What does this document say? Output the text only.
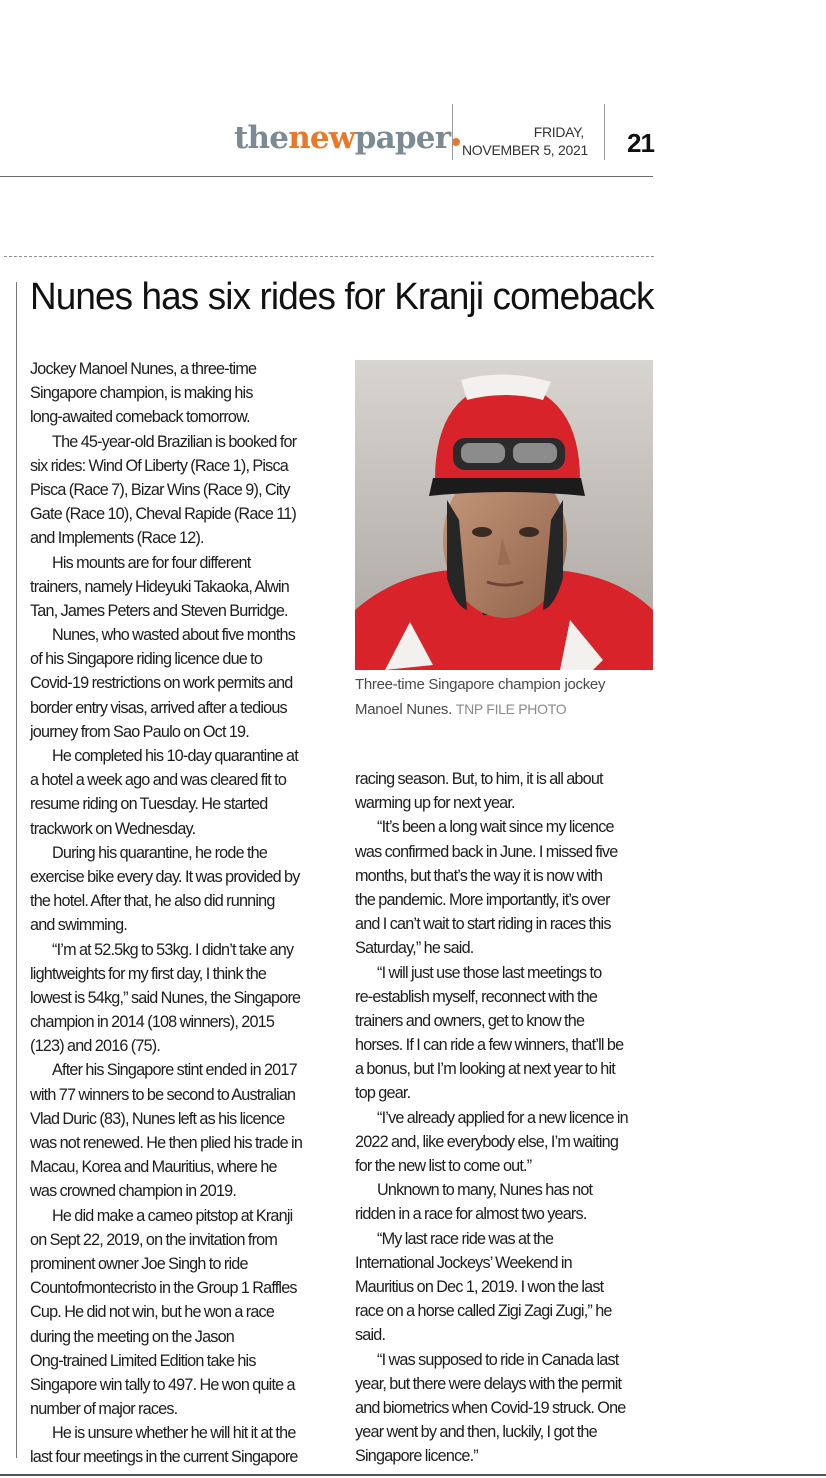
thenewpaper	FRIDAY,
NOVEMBER 5, 2021 21
Nunes has six rides for Kranji comeback
Jockey Manoel Nunes, a three-time
Singapore champion, is making his
long-awaited comeback tomorrow.
The 45-year-old Brazilian is booked for
six rides: Wind Of Liberty (Race 1), Pisca
Pisca (Race 7), Bizar Wins (Race 9), City
Gate (Race 10), Cheval Rapide (Race 11)
and Implements (Race 12).
His mounts are for four different
trainers, namely Hideyuki Takaoka, Alwin
Tan, James Peters and Steven Burridge.
Nunes, who wasted about five months
of his Singapore riding licence due to
Covid-19 restrictions on work permits and
border entry visas, arrived after a tedious
journey from Sao Paulo on Oct 19.
He completed his 10-day quarantine at
a hotel a week ago and was cleared fit to
resume riding on Tuesday. He started
trackwork on Wednesday.
During his quarantine, he rode the
exercise bike every day. It was provided by
the hotel. After that, he also did running
and swimming.
“I’m at 52.5kg to 53kg. I didn’t take any
lightweights for my first day, I think the
lowest is 54kg,” said Nunes, the Singapore
champion in 2014 (108 winners), 2015
(123) and 2016 (75).
After his Singapore stint ended in 2017
with 77 winners to be second to Australian
Vlad Duric (83), Nunes left as his licence
was not renewed. He then plied his trade in
Macau, Korea and Mauritius, where he
was crowned champion in 2019.
He did make a cameo pitstop at Kranji
on Sept 22, 2019, on the invitation from
prominent owner Joe Singh to ride
Countofmontecristo in the Group 1 Raffles
Cup. He did not win, but he won a race
during the meeting on the Jason
Ong-trained Limited Edition take his
Singapore win tally to 497. He won quite a
number of major races.
He is unsure whether he will hit it at the
last four meetings in the current Singapore
Three-time Singapore champion jockey Manoel Nunes. TNP FILE PHOTO
racing season. But, to him, it is all about
warming up for next year.
“It’s been a long wait since my licence
was confirmed back in June. I missed five
months, but that’s the way it is now with
the pandemic. More importantly, it’s over
and I can’t wait to start riding in races this
Saturday,” he said.
“I will just use those last meetings to
re-establish myself, reconnect with the
trainers and owners, get to know the
horses. If I can ride a few winners, that’ll be
a bonus, but I’m looking at next year to hit
top gear.
“I’ve already applied for a new licence in
2022 and, like everybody else, I’m waiting
for the new list to come out.”
Unknown to many, Nunes has not
ridden in a race for almost two years.
“My last race ride was at the
International Jockeys’ Weekend in
Mauritius on Dec 1, 2019. I won the last
race on a horse called Zigi Zagi Zugi,” he
said.
“I was supposed to ride in Canada last
year, but there were delays with the permit
and biometrics when Covid-19 struck. One
year went by and then, luckily, I got the
Singapore licence.”
